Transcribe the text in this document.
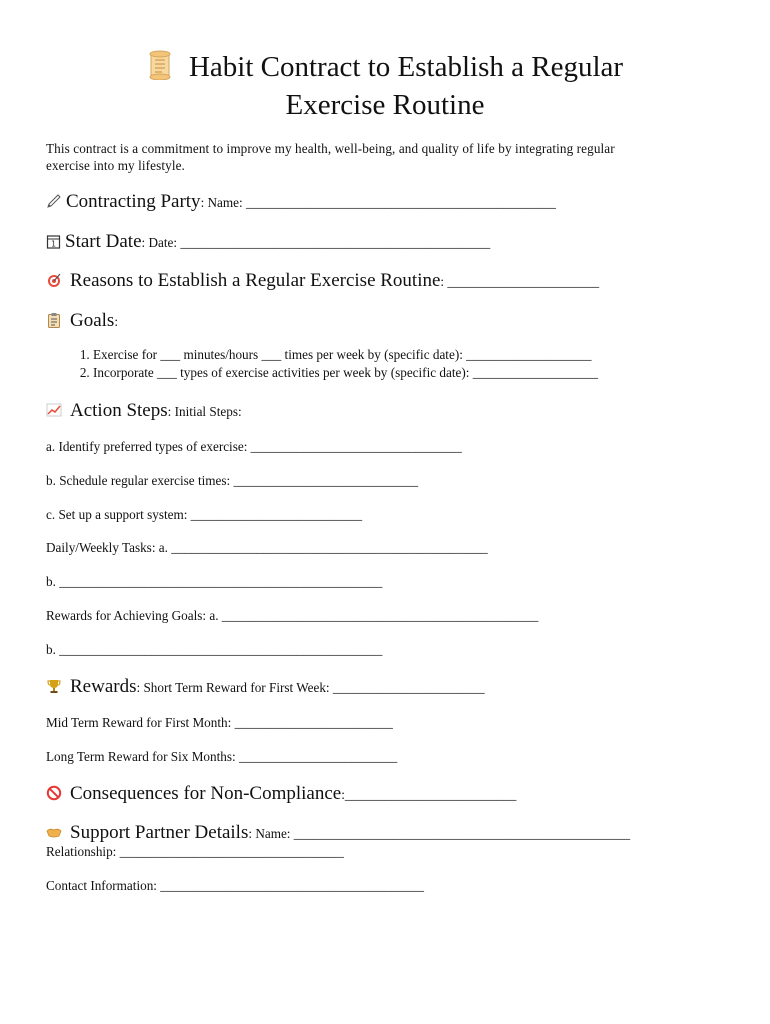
Habit Contract to Establish a Regular
Exercise Routine
This contract is a commitment to improve my health, well-being, and quality of life by integrating regular
exercise into my lifestyle.
Contracting Party: Name: _______________________________________________
1 Start Date: Date: _______________________________________________
Reasons to Establish a Regular Exercise Routine: _______________________
Goals:
1. Exercise for ___ minutes/hours ___ times per week by (specific date): ___________________
2. Incorporate ___ types of exercise activities per week by (specific date): ___________________
Action Steps: Initial Steps:
a. Identify preferred types of exercise: ________________________________
b. Schedule regular exercise times: ____________________________
c. Set up a support system: __________________________
Daily/Weekly Tasks: a. ________________________________________________
b. _________________________________________________
Rewards for Achieving Goals: a. ________________________________________________
b. _________________________________________________
Rewards: Short Term Reward for First Week: _______________________
Mid Term Reward for First Month: ________________________
Long Term Reward for Six Months: ________________________
Consequences for Non-Compliance:__________________________
Support Partner Details: Name: ___________________________________________________
Relationship: __________________________________
Contact Information: ________________________________________
